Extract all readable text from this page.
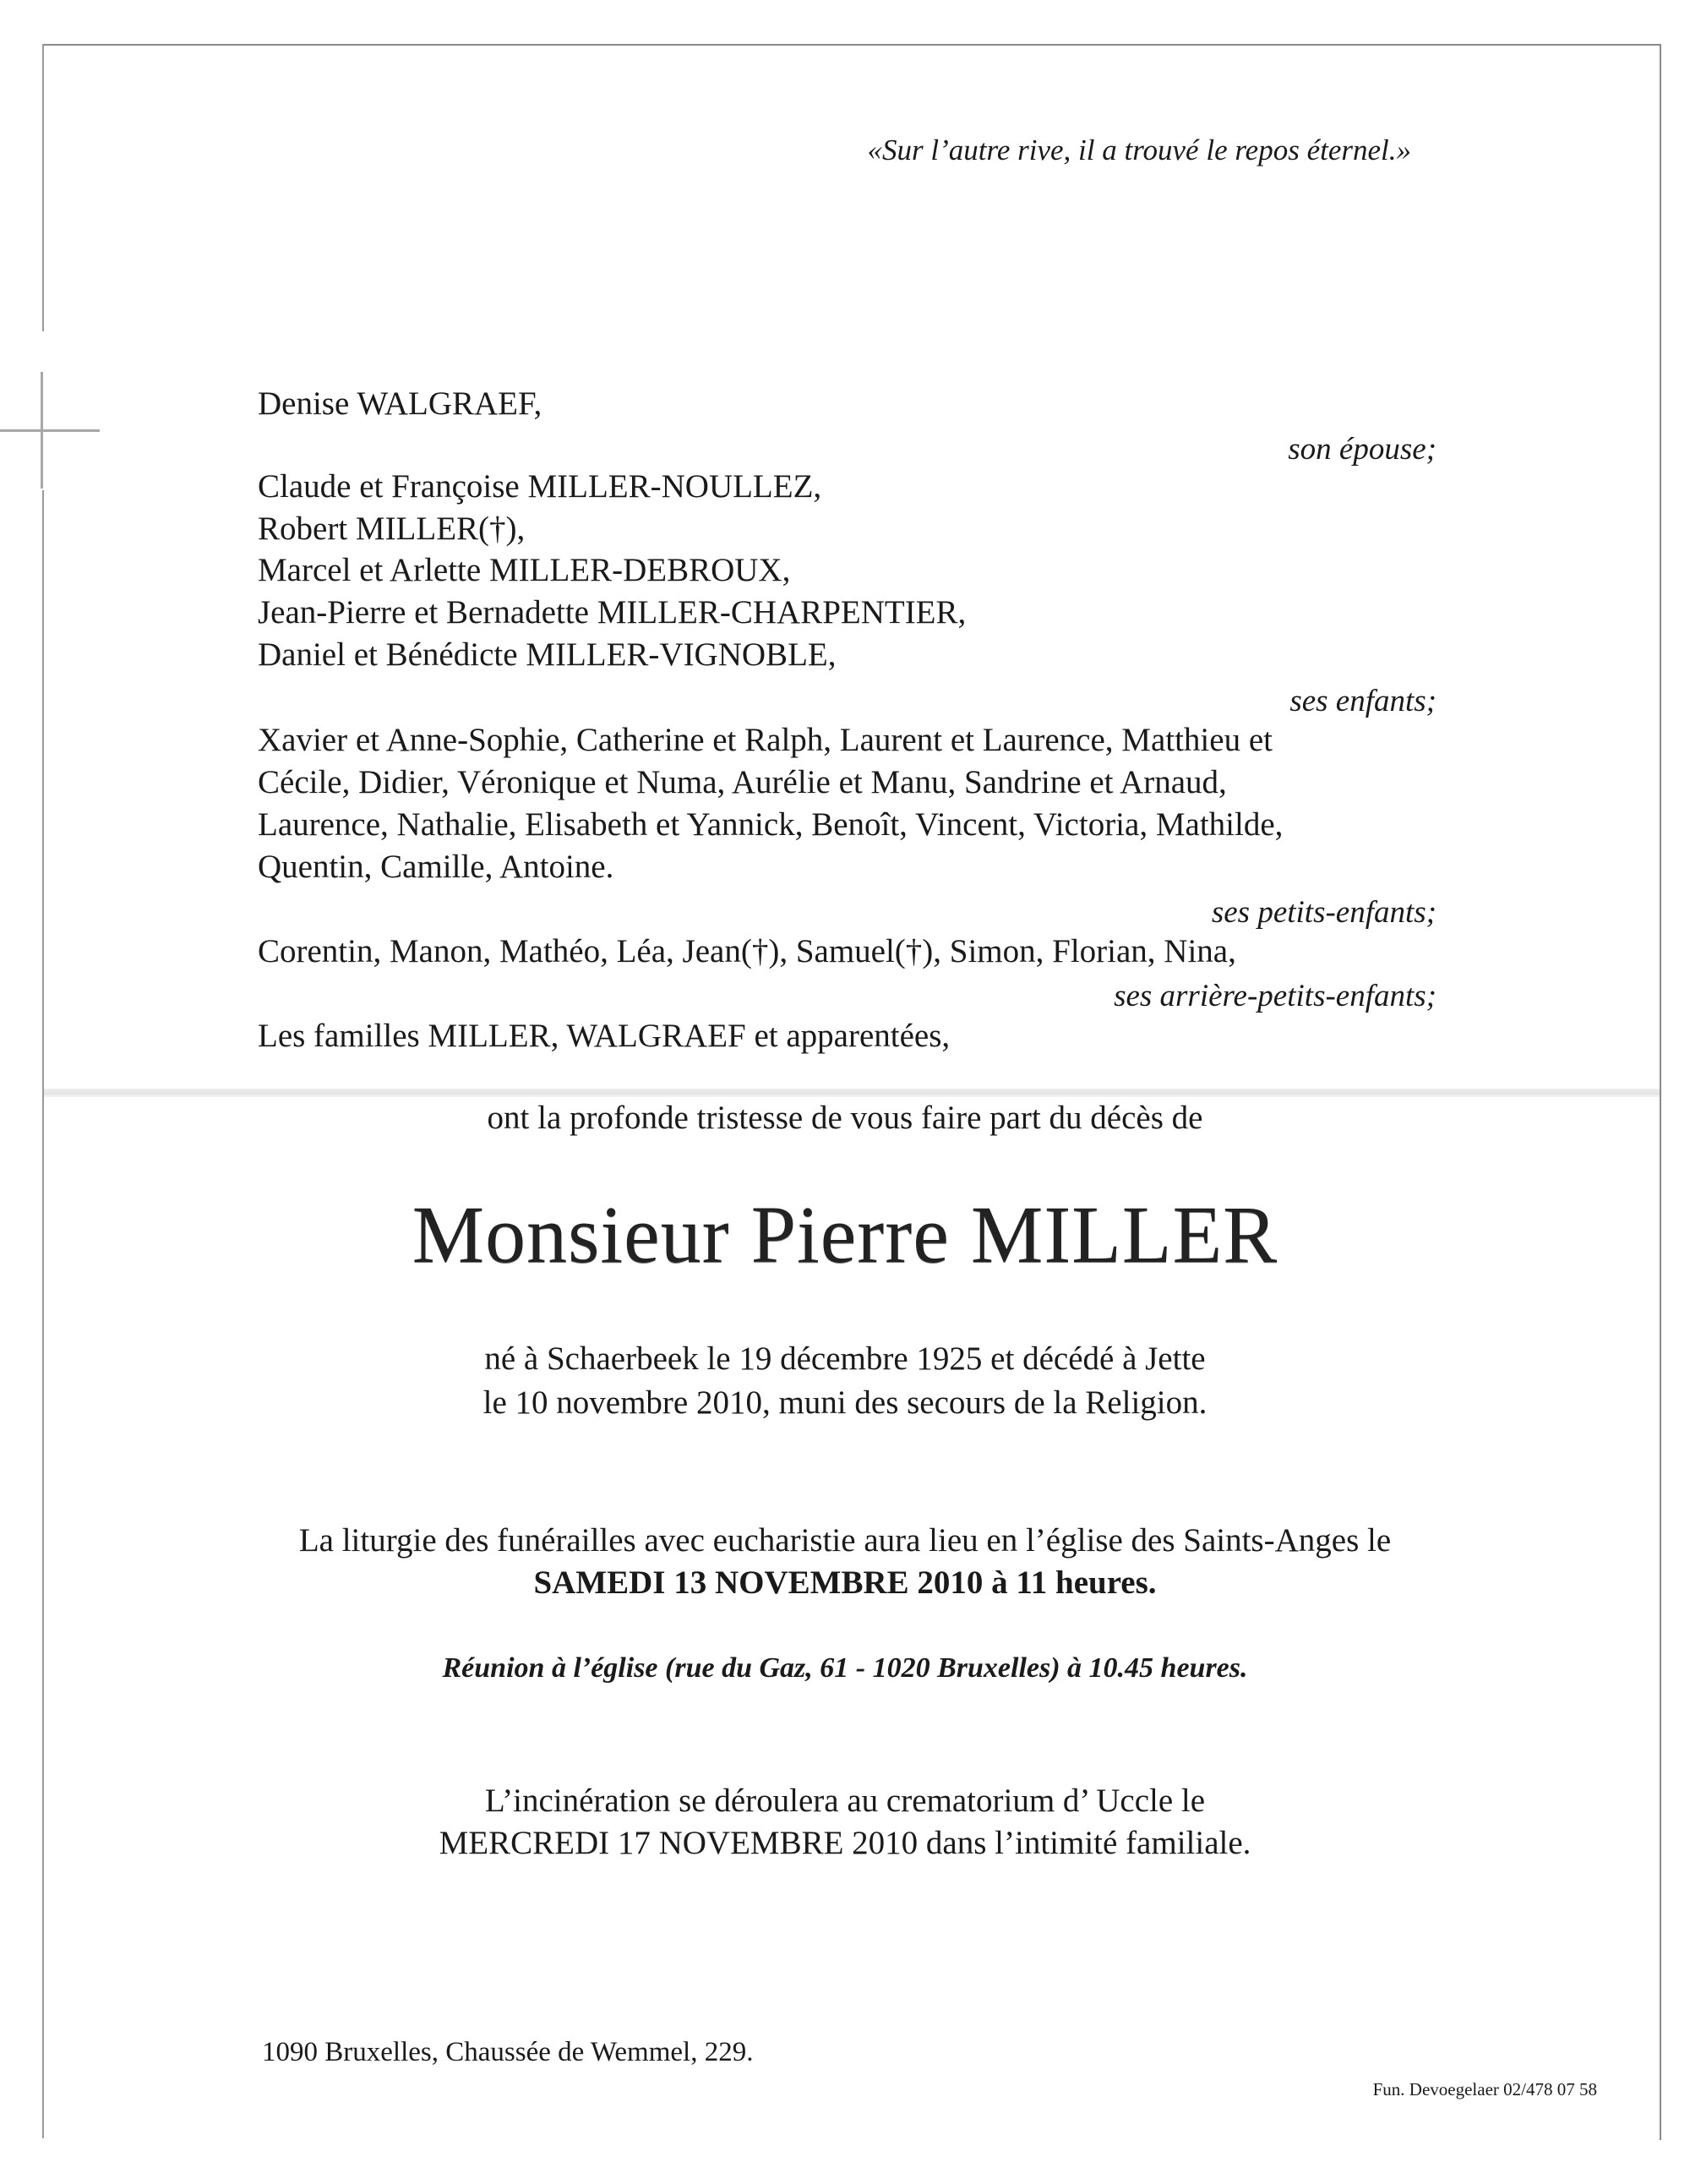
«Sur l’autre rive, il a trouvé le repos éternel.»
Denise WALGRAEF,
son épouse;
Claude et Françoise MILLER-NOULLEZ,
Robert MILLER(†),
Marcel et Arlette MILLER-DEBROUX,
Jean-Pierre et Bernadette MILLER-CHARPENTIER,
Daniel et Bénédicte MILLER-VIGNOBLE,
ses enfants;
Xavier et Anne-Sophie, Catherine et Ralph, Laurent et Laurence, Matthieu et
Cécile, Didier, Véronique et Numa, Aurélie et Manu, Sandrine et Arnaud,
Laurence, Nathalie, Elisabeth et Yannick, Benoît, Vincent, Victoria, Mathilde,
Quentin, Camille, Antoine.
ses petits-enfants;
Corentin, Manon, Mathéo, Léa, Jean(†), Samuel(†), Simon, Florian, Nina,
ses arrière-petits-enfants;
Les familles MILLER, WALGRAEF et apparentées,
ont la profonde tristesse de vous faire part du décès de
Monsieur Pierre MILLER
né à Schaerbeek le 19 décembre 1925 et décédé à Jette
le 10 novembre 2010, muni des secours de la Religion.
La liturgie des funérailles avec eucharistie aura lieu en l’église des Saints-Anges le
SAMEDI 13 NOVEMBRE 2010 à 11 heures.
Réunion à l’église (rue du Gaz, 61 - 1020 Bruxelles) à 10.45 heures.
L’incinération se déroulera au crematorium d’ Uccle le
MERCREDI 17 NOVEMBRE 2010 dans l’intimité familiale.
1090 Bruxelles, Chaussée de Wemmel, 229.
Fun. Devoegelaer 02/478 07 58
